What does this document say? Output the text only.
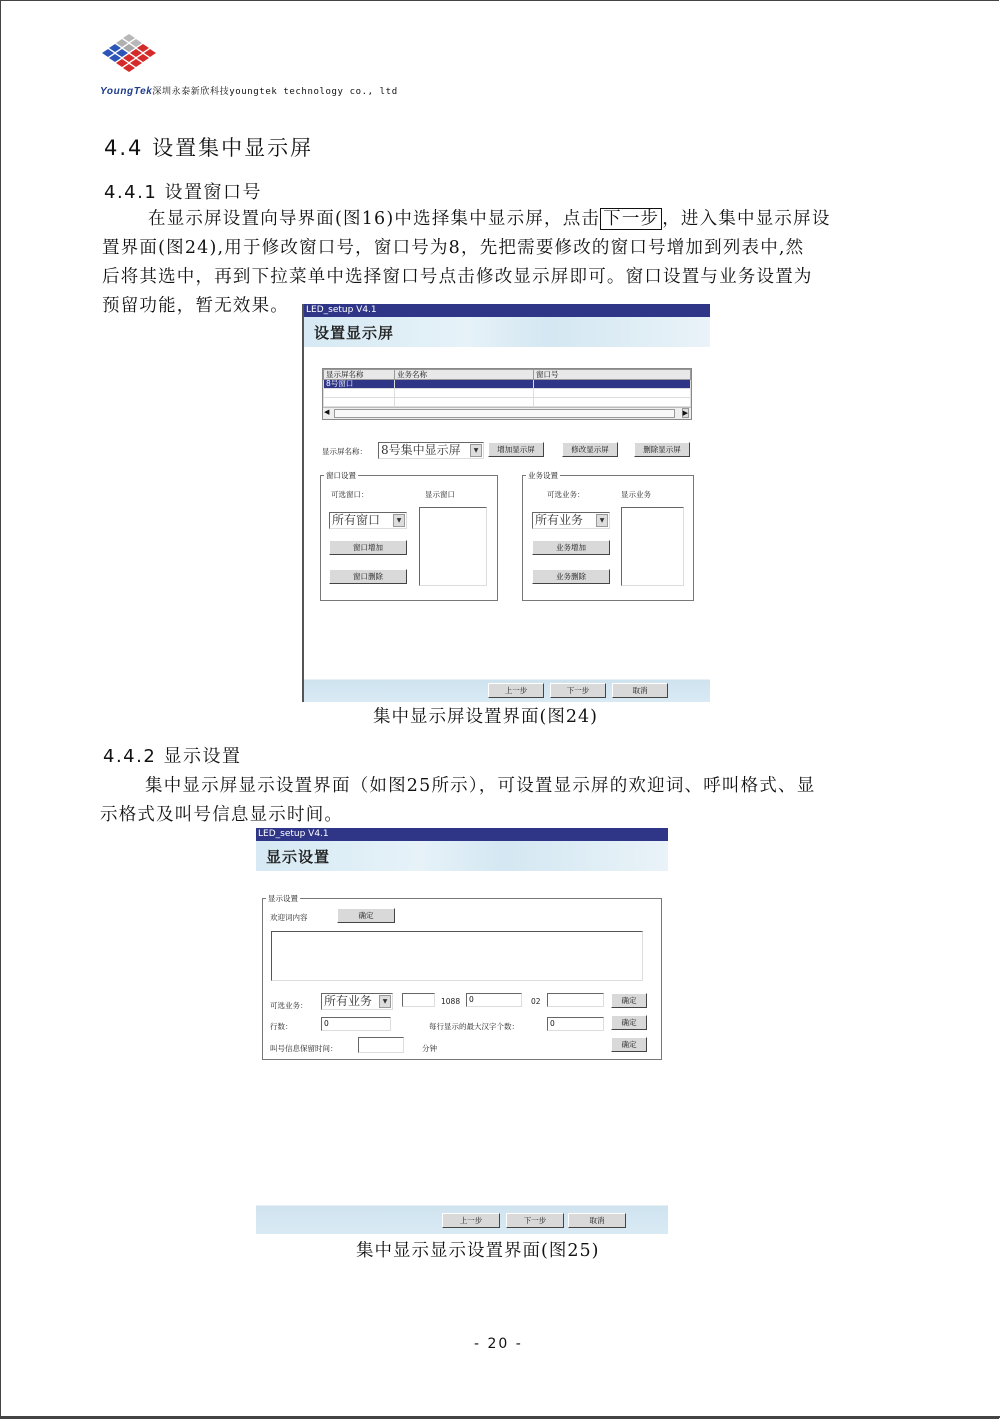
YoungTek深圳永泰新欣科技youngtek technology co., ltd
4.4 设置集中显示屏
4.4.1 设置窗口号
在显示屏设置向导界面(图16)中选择集中显示屏，点击 下一步 ，进入集中显示屏设
置界面(图24),用于修改窗口号，窗口号为8，先把需要修改的窗口号增加到列表中,然
后将其选中，再到下拉菜单中选择窗口号点击修改显示屏即可。窗口设置与业务设置为
预留功能，暂无效果。 LED_setup V4.1
设置显示屏
显示屏名称	业务名称	窗口号
8号窗口		

◀	▶
显示屏名称： 8号集中显示屏	▼	增加显示屏	修改显示屏	删除显示屏
窗口设置
可选窗口：	显示窗口
所有窗口	▼
窗口增加
窗口删除
业务设置
可选业务：	显示业务
所有业务	▼
业务增加
业务删除
上一步	下一步	取消
集中显示屏设置界面(图24)
4.4.2 显示设置
集中显示屏显示设置界面（如图25所示），可设置显示屏的欢迎词、呼叫格式、显
示格式及叫号信息显示时间。
LED_setup V4.1
显示设置
显示设置
欢迎词内容	确定
可选业务： 所有业务	▼	1088	0	02	确定
行数：	0	每行显示的最大汉字个数：	0	确定
叫号信息保留时间：	分钟	确定
上一步	下一步	取消
集中显示显示设置界面(图25)
- 20 -
